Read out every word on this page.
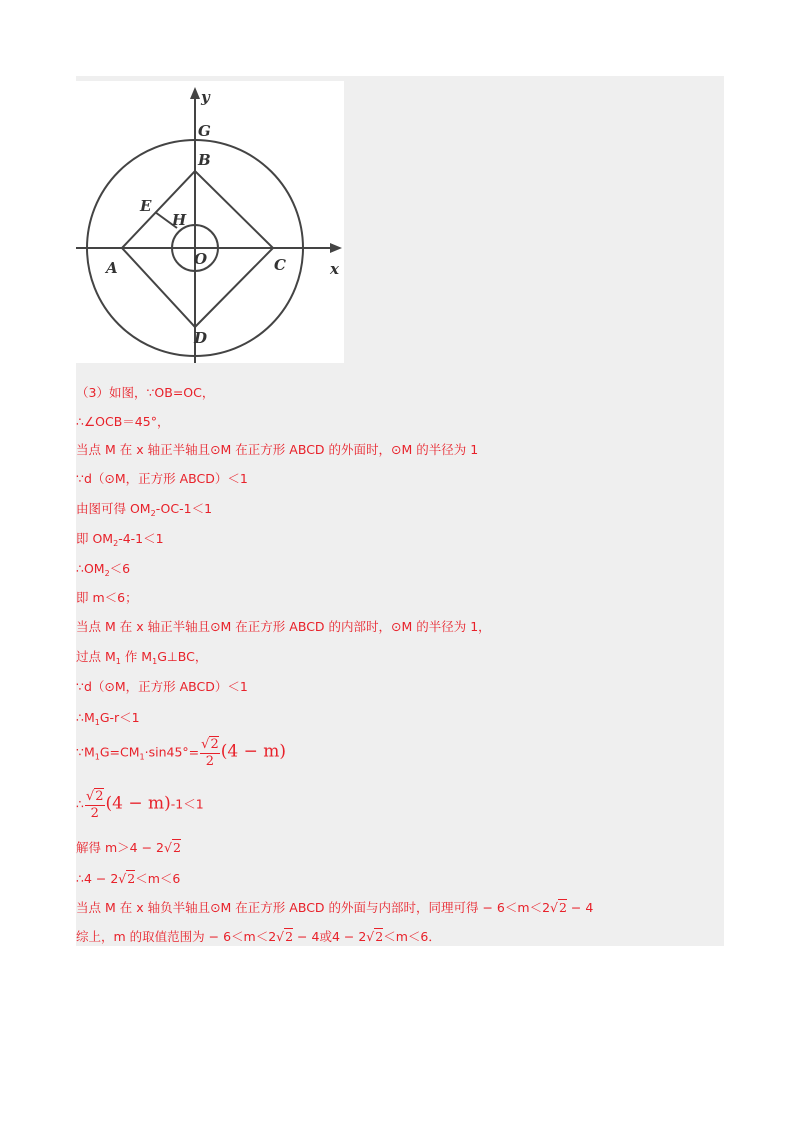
y
G
B
E
H
O
A	C	x
D
（3）如图，∵OB=OC，
∴∠OCB＝45°，
当点 M 在 x 轴正半轴且⊙M 在正方形 ABCD 的外面时，⊙M 的半径为 1
∵d（⊙M，正方形 ABCD）＜1
由图可得 $OM_2-OC-1<1$
即 $OM_2-4-1<1$
$\therefore OM_2<6$
即 m＜6；
当点 M 在 x 轴正半轴且⊙M 在正方形 ABCD 的内部时，⊙M 的半径为 1，
过点 $M_1$ 作 $M_1G\perp BC$，
∵d（⊙M，正方形 ABCD）＜1
$\therefore M_1G-r<1$
$\because M_1G=CM_1\cdot\sin 45^\circ= \frac{√2}{2} (4 - m)$
∴ $\frac{√2}{2} (4 - m)-1<1$
解得 m＞4 − 2√2
∴4 − 2√2＜m＜6
当点 M 在 x 轴负半轴且⊙M 在正方形 ABCD 的外面与内部时，同理可得 − 6＜m＜2√2 − 4
综上，m 的取值范围为 − 6＜m＜2√2 − 4或4 − 2√2＜m＜6．
